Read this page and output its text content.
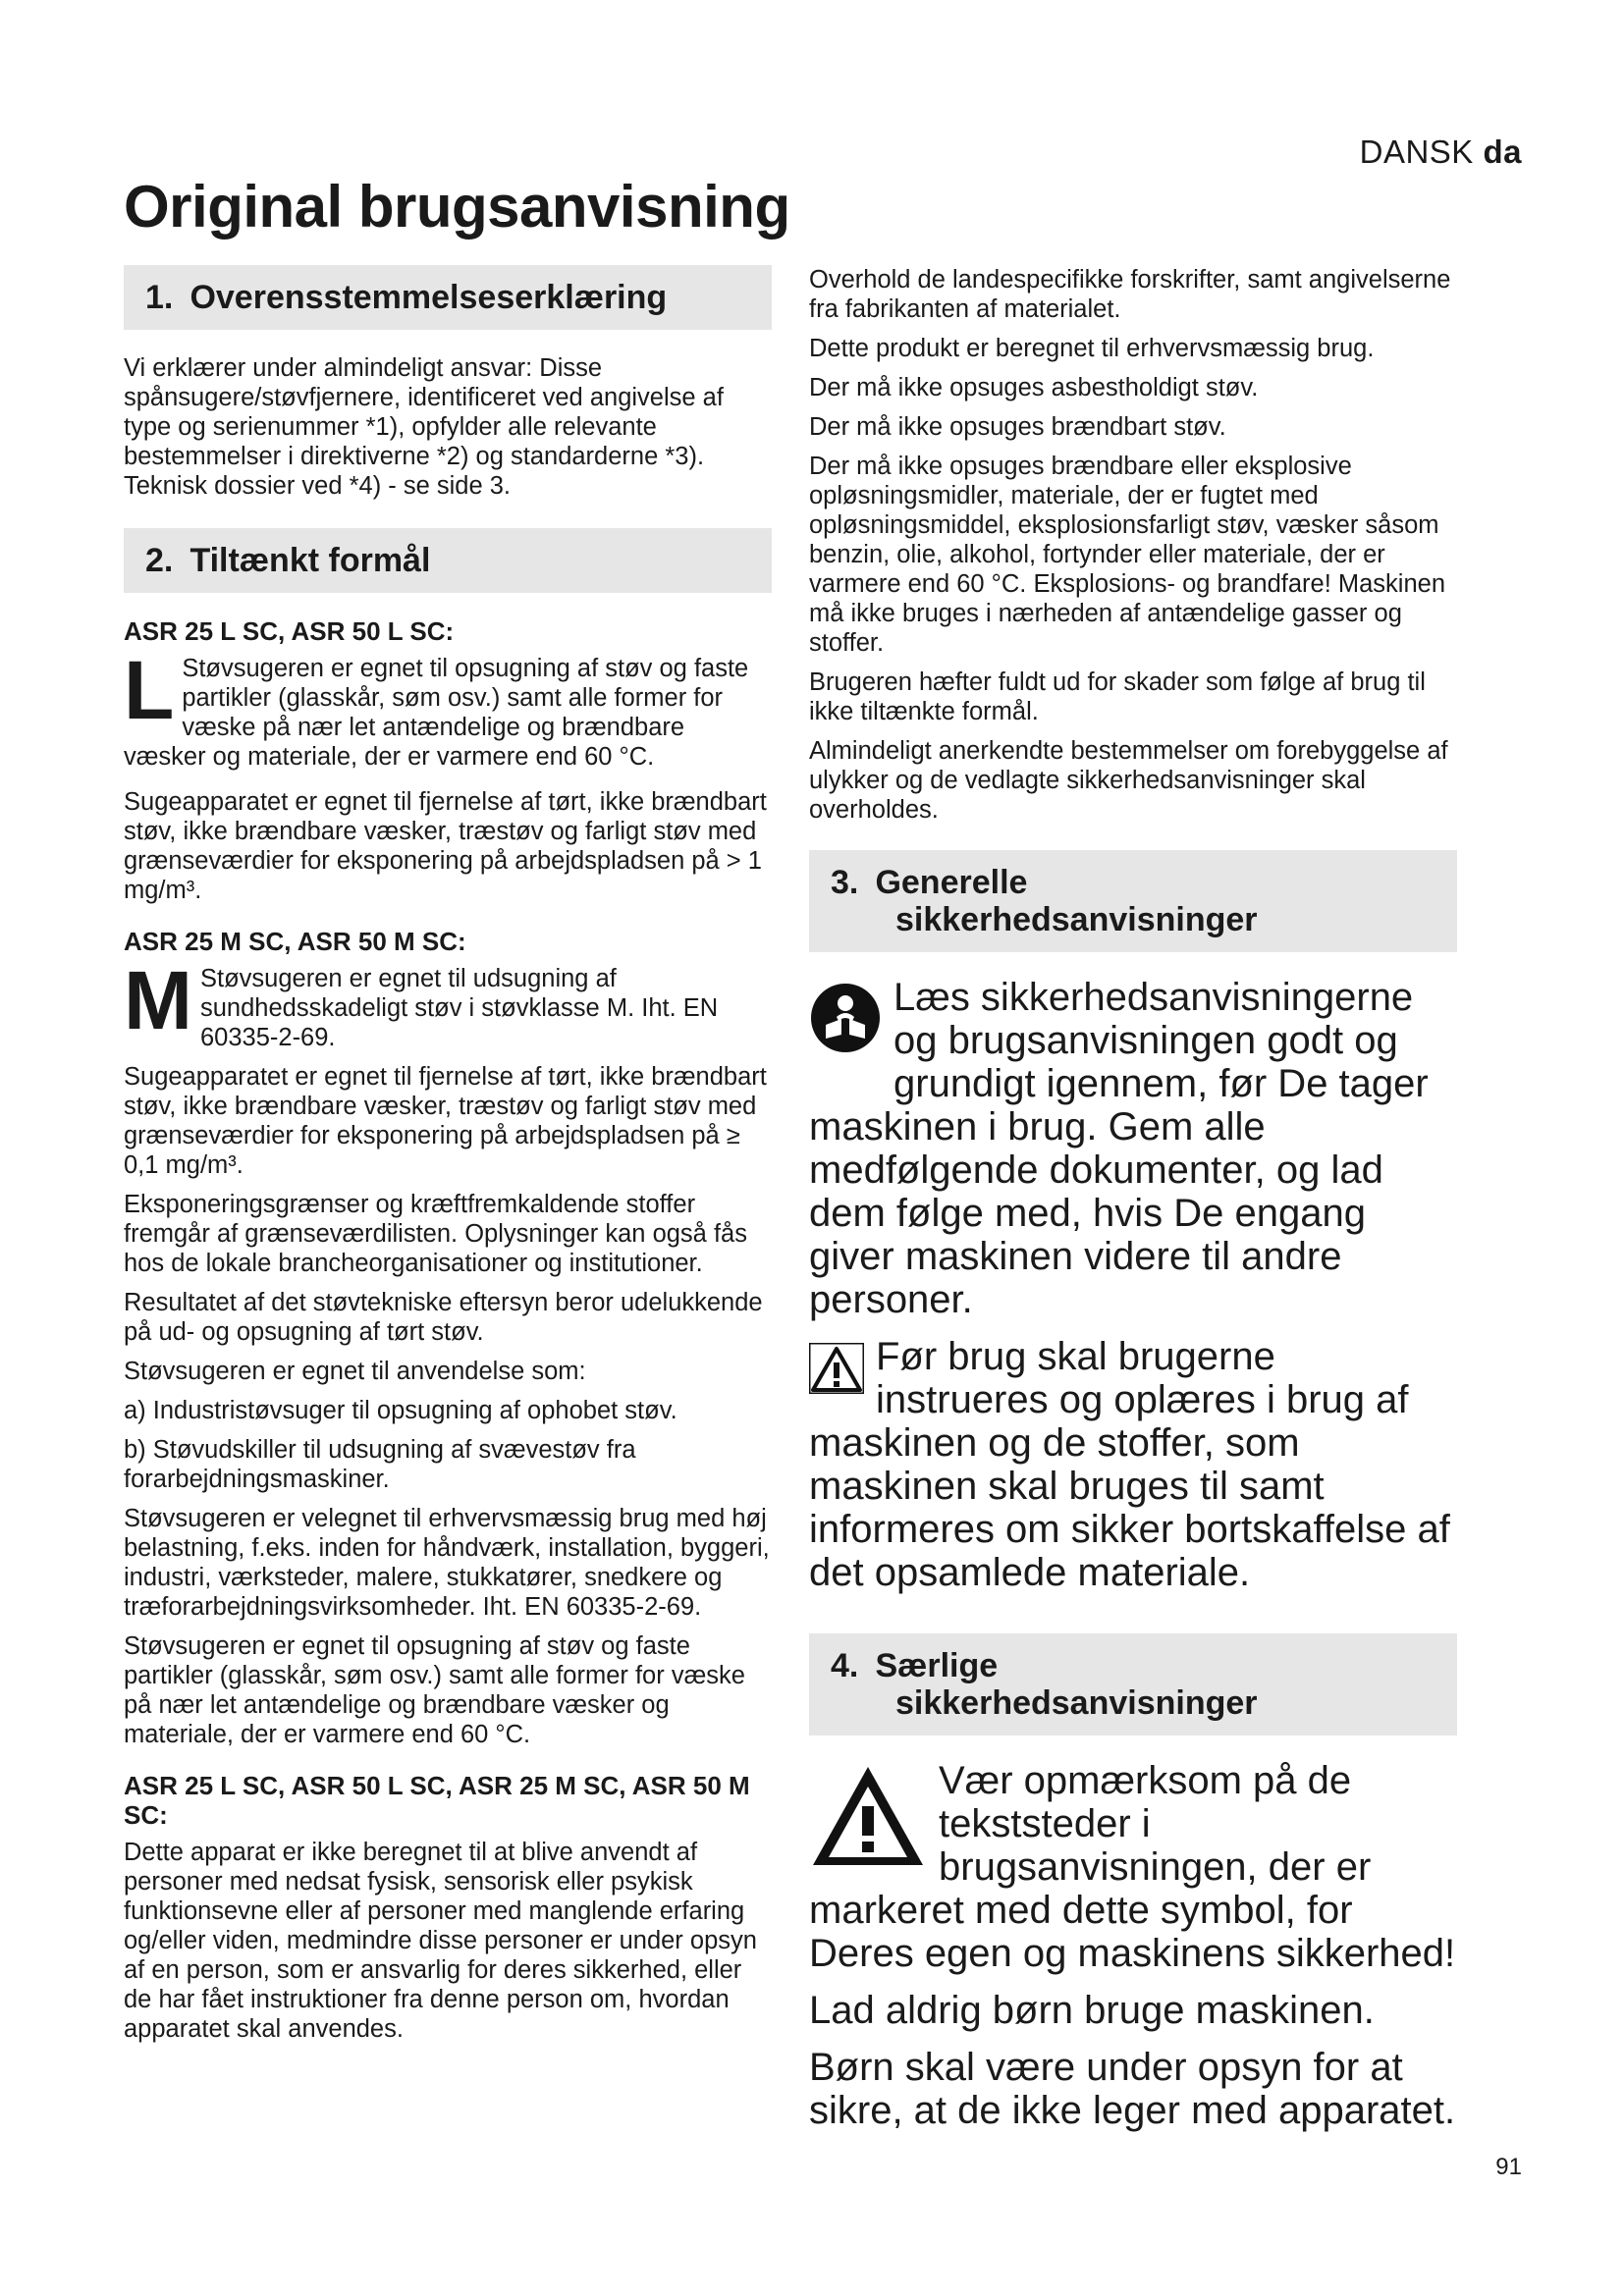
DANSK da
Original brugsanvisning
1. Overensstemmelseserklæring

Vi erklærer under almindeligt ansvar: Disse spånsugere/støvfjernere, identificeret ved angivelse af type og serienummer *1), opfylder alle relevante bestemmelser i direktiverne *2) og standarderne *3). Teknisk dossier ved *4) - se side 3.

2. Tiltænkt formål
ASR 25 L SC, ASR 50 L SC:
L Støvsugeren er egnet til opsugning af støv og faste partikler (glasskår, søm osv.) samt alle former for væske på nær let antændelige og brændbare væsker og materiale, der er varmere end 60 °C.

Sugeapparatet er egnet til fjernelse af tørt, ikke brændbart støv, ikke brændbare væsker, træstøv og farligt støv med grænseværdier for eksponering på arbejdspladsen på > 1 mg/m³.

ASR 25 M SC, ASR 50 M SC:
M Støvsugeren er egnet til udsugning af sundhedsskadeligt støv i støvklasse M. Iht. EN 60335-2-69.

Sugeapparatet er egnet til fjernelse af tørt, ikke brændbart støv, ikke brændbare væsker, træstøv og farligt støv med grænseværdier for eksponering på arbejdspladsen på ≥ 0,1 mg/m³.

Eksponeringsgrænser og kræftfremkaldende stoffer fremgår af grænseværdilisten. Oplysninger kan også fås hos de lokale brancheorganisationer og institutioner.

Resultatet af det støvtekniske eftersyn beror udelukkende på ud- og opsugning af tørt støv.

Støvsugeren er egnet til anvendelse som:

a) Industristøvsuger til opsugning af ophobet støv.

b) Støvudskiller til udsugning af svævestøv fra forarbejdningsmaskiner.

Støvsugeren er velegnet til erhvervsmæssig brug med høj belastning, f.eks. inden for håndværk, installation, byggeri, industri, værksteder, malere, stukkatører, snedkere og træforarbejdningsvirksomheder. Iht. EN 60335-2-69.

Støvsugeren er egnet til opsugning af støv og faste partikler (glasskår, søm osv.) samt alle former for væske på nær let antændelige og brændbare væsker og materiale, der er varmere end 60 °C.

ASR 25 L SC, ASR 50 L SC, ASR 25 M SC, ASR 50 M SC:

Dette apparat er ikke beregnet til at blive anvendt af personer med nedsat fysisk, sensorisk eller psykisk funktionsevne eller af personer med manglende erfaring og/eller viden, medmindre disse personer er under opsyn af en person, som er ansvarlig for deres sikkerhed, eller de har fået instruktioner fra denne person om, hvordan apparatet skal anvendes.

Overhold de landespecifikke forskrifter, samt angivelserne fra fabrikanten af materialet.

Dette produkt er beregnet til erhvervsmæssig brug.

Der må ikke opsuges asbestholdigt støv.

Der må ikke opsuges brændbart støv.

Der må ikke opsuges brændbare eller eksplosive opløsningsmidler, materiale, der er fugtet med opløsningsmiddel, eksplosionsfarligt støv, væsker såsom benzin, olie, alkohol, fortynder eller materiale, der er varmere end 60 °C. Eksplosions- og brandfare! Maskinen må ikke bruges i nærheden af antændelige gasser og stoffer.

Brugeren hæfter fuldt ud for skader som følge af brug til ikke tiltænkte formål.

Almindeligt anerkendte bestemmelser om forebyggelse af ulykker og de vedlagte sikkerhedsanvisninger skal overholdes.

3. Generelle
sikkerhedsanvisninger

Læs sikkerhedsanvisningerne og brugsanvisningen godt og grundigt igennem, før De tager maskinen i brug. Gem alle medfølgende dokumenter, og lad dem følge med, hvis De engang giver maskinen videre til andre personer.

Før brug skal brugerne instrueres og oplæres i brug af maskinen og de stoffer, som maskinen skal bruges til samt informeres om sikker bortskaffelse af det opsamlede materiale.

4. Særlige
sikkerhedsanvisninger

Vær opmærksom på de tekststeder i brugsanvisningen, der er markeret med dette symbol, for Deres egen og maskinens sikkerhed!

Lad aldrig børn bruge maskinen.

Børn skal være under opsyn for at sikre, at de ikke leger med apparatet.

91
